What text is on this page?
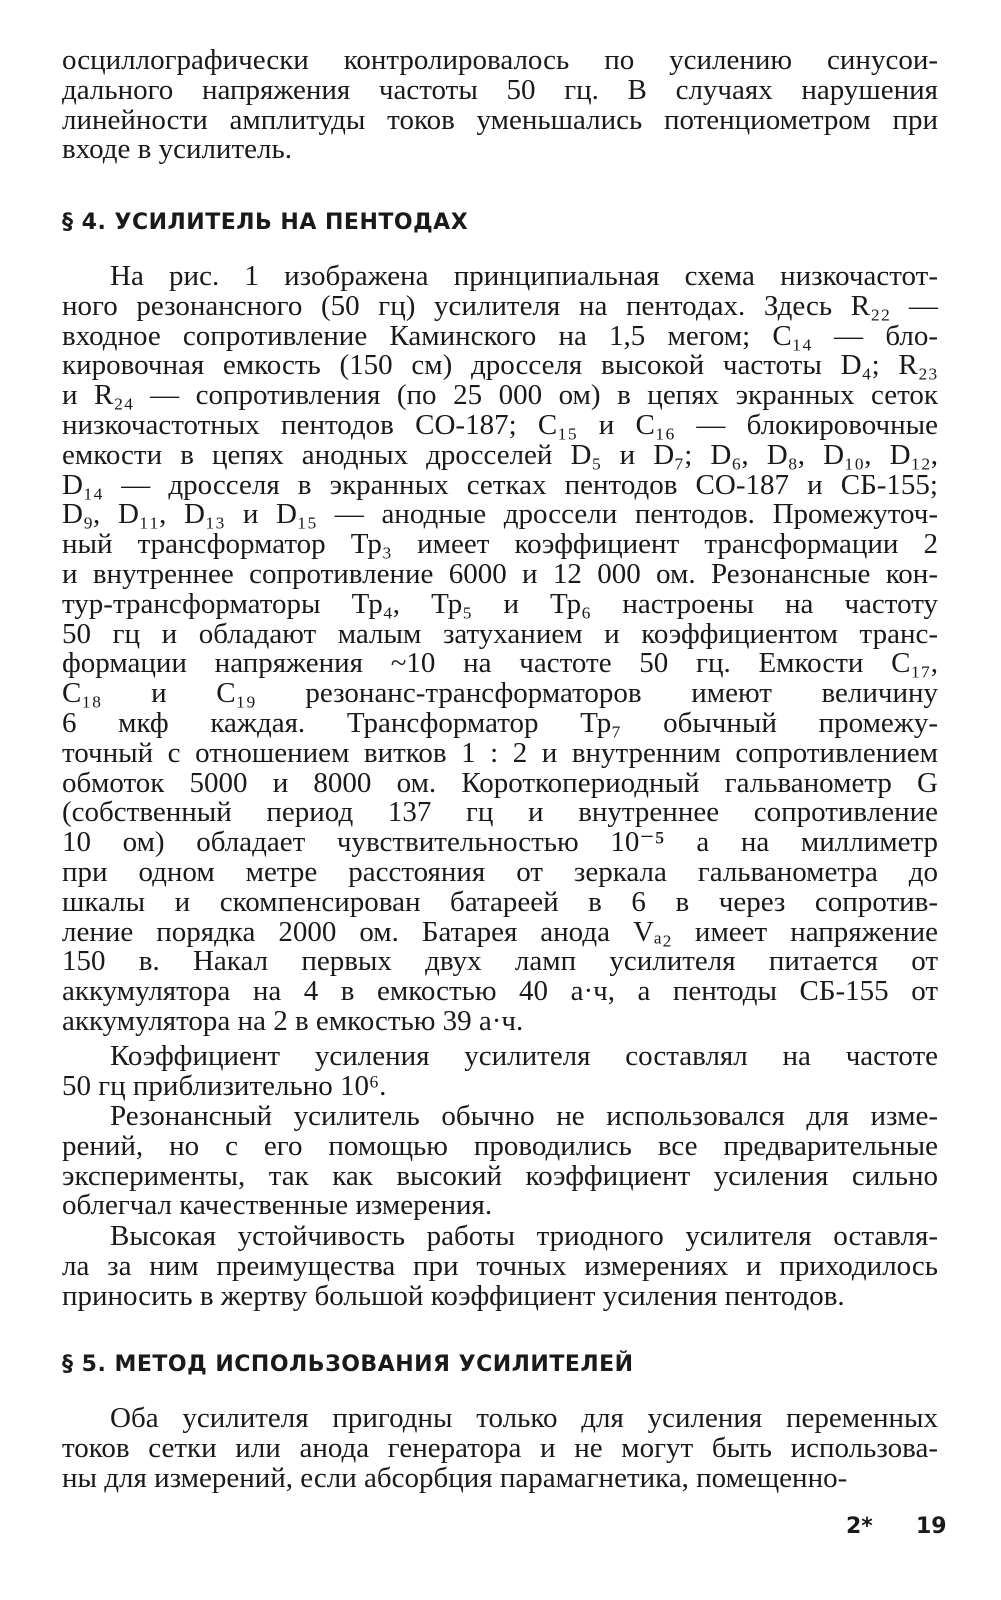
осциллографически контролировалось по усилению синусои-
дального напряжения частоты 50 гц. В случаях нарушения
линейности амплитуды токов уменьшались потенциометром при
входе в усилитель.
§ 4. УСИЛИТЕЛЬ НА ПЕНТОДАХ
На рис. 1 изображена принципиальная схема низкочастот-
ного резонансного (50 гц) усилителя на пентодах. Здесь R₂₂ —
входное сопротивление Каминского на 1,5 мегом; C₁₄ — бло-
кировочная емкость (150 см) дросселя высокой частоты D₄; R₂₃
и R₂₄ — сопротивления (по 25 000 ом) в цепях экранных сеток
низкочастотных пентодов СО-187; C₁₅ и C₁₆ — блокировочные
емкости в цепях анодных дросселей D₅ и D₇; D₆, D₈, D₁₀, D₁₂,
D₁₄ — дросселя в экранных сетках пентодов СО-187 и СБ-155;
D₉, D₁₁, D₁₃ и D₁₅ — анодные дроссели пентодов. Промежуточ-
ный трансформатор Тр₃ имеет коэффициент трансформации 2
и внутреннее сопротивление 6000 и 12 000 ом. Резонансные кон-
тур-трансформаторы Тр₄, Тр₅ и Тр₆ настроены на частоту
50 гц и обладают малым затуханием и коэффициентом транс-
формации напряжения ~10 на частоте 50 гц. Емкости C₁₇,
C₁₈ и C₁₉ резонанс-трансформаторов имеют величину
6 мкф каждая. Трансформатор Тр₇ обычный промежу-
точный с отношением витков 1 : 2 и внутренним сопротивлением
обмоток 5000 и 8000 ом. Короткопериодный гальванометр G
(собственный период 137 гц и внутреннее сопротивление
10 ом) обладает чувствительностью 10⁻⁵ а на миллиметр
при одном метре расстояния от зеркала гальванометра до
шкалы и скомпенсирован батареей в 6 в через сопротив-
ление порядка 2000 ом. Батарея анода Vₐ₂ имеет напряжение
150 в. Накал первых двух ламп усилителя питается от
аккумулятора на 4 в емкостью 40 а·ч, а пентоды СБ-155 от
аккумулятора на 2 в емкостью 39 а·ч.
Коэффициент усиления усилителя составлял на частоте
50 гц приблизительно 10⁶.
Резонансный усилитель обычно не использовался для изме-
рений, но с его помощью проводились все предварительные
эксперименты, так как высокий коэффициент усиления сильно
облегчал качественные измерения.
Высокая устойчивость работы триодного усилителя оставля-
ла за ним преимущества при точных измерениях и приходилось
приносить в жертву большой коэффициент усиления пентодов.
§ 5. МЕТОД ИСПОЛЬЗОВАНИЯ УСИЛИТЕЛЕЙ
Оба усилителя пригодны только для усиления переменных
токов сетки или анода генератора и не могут быть использова-
ны для измерений, если абсорбция парамагнетика, помещенно-
2* 19
